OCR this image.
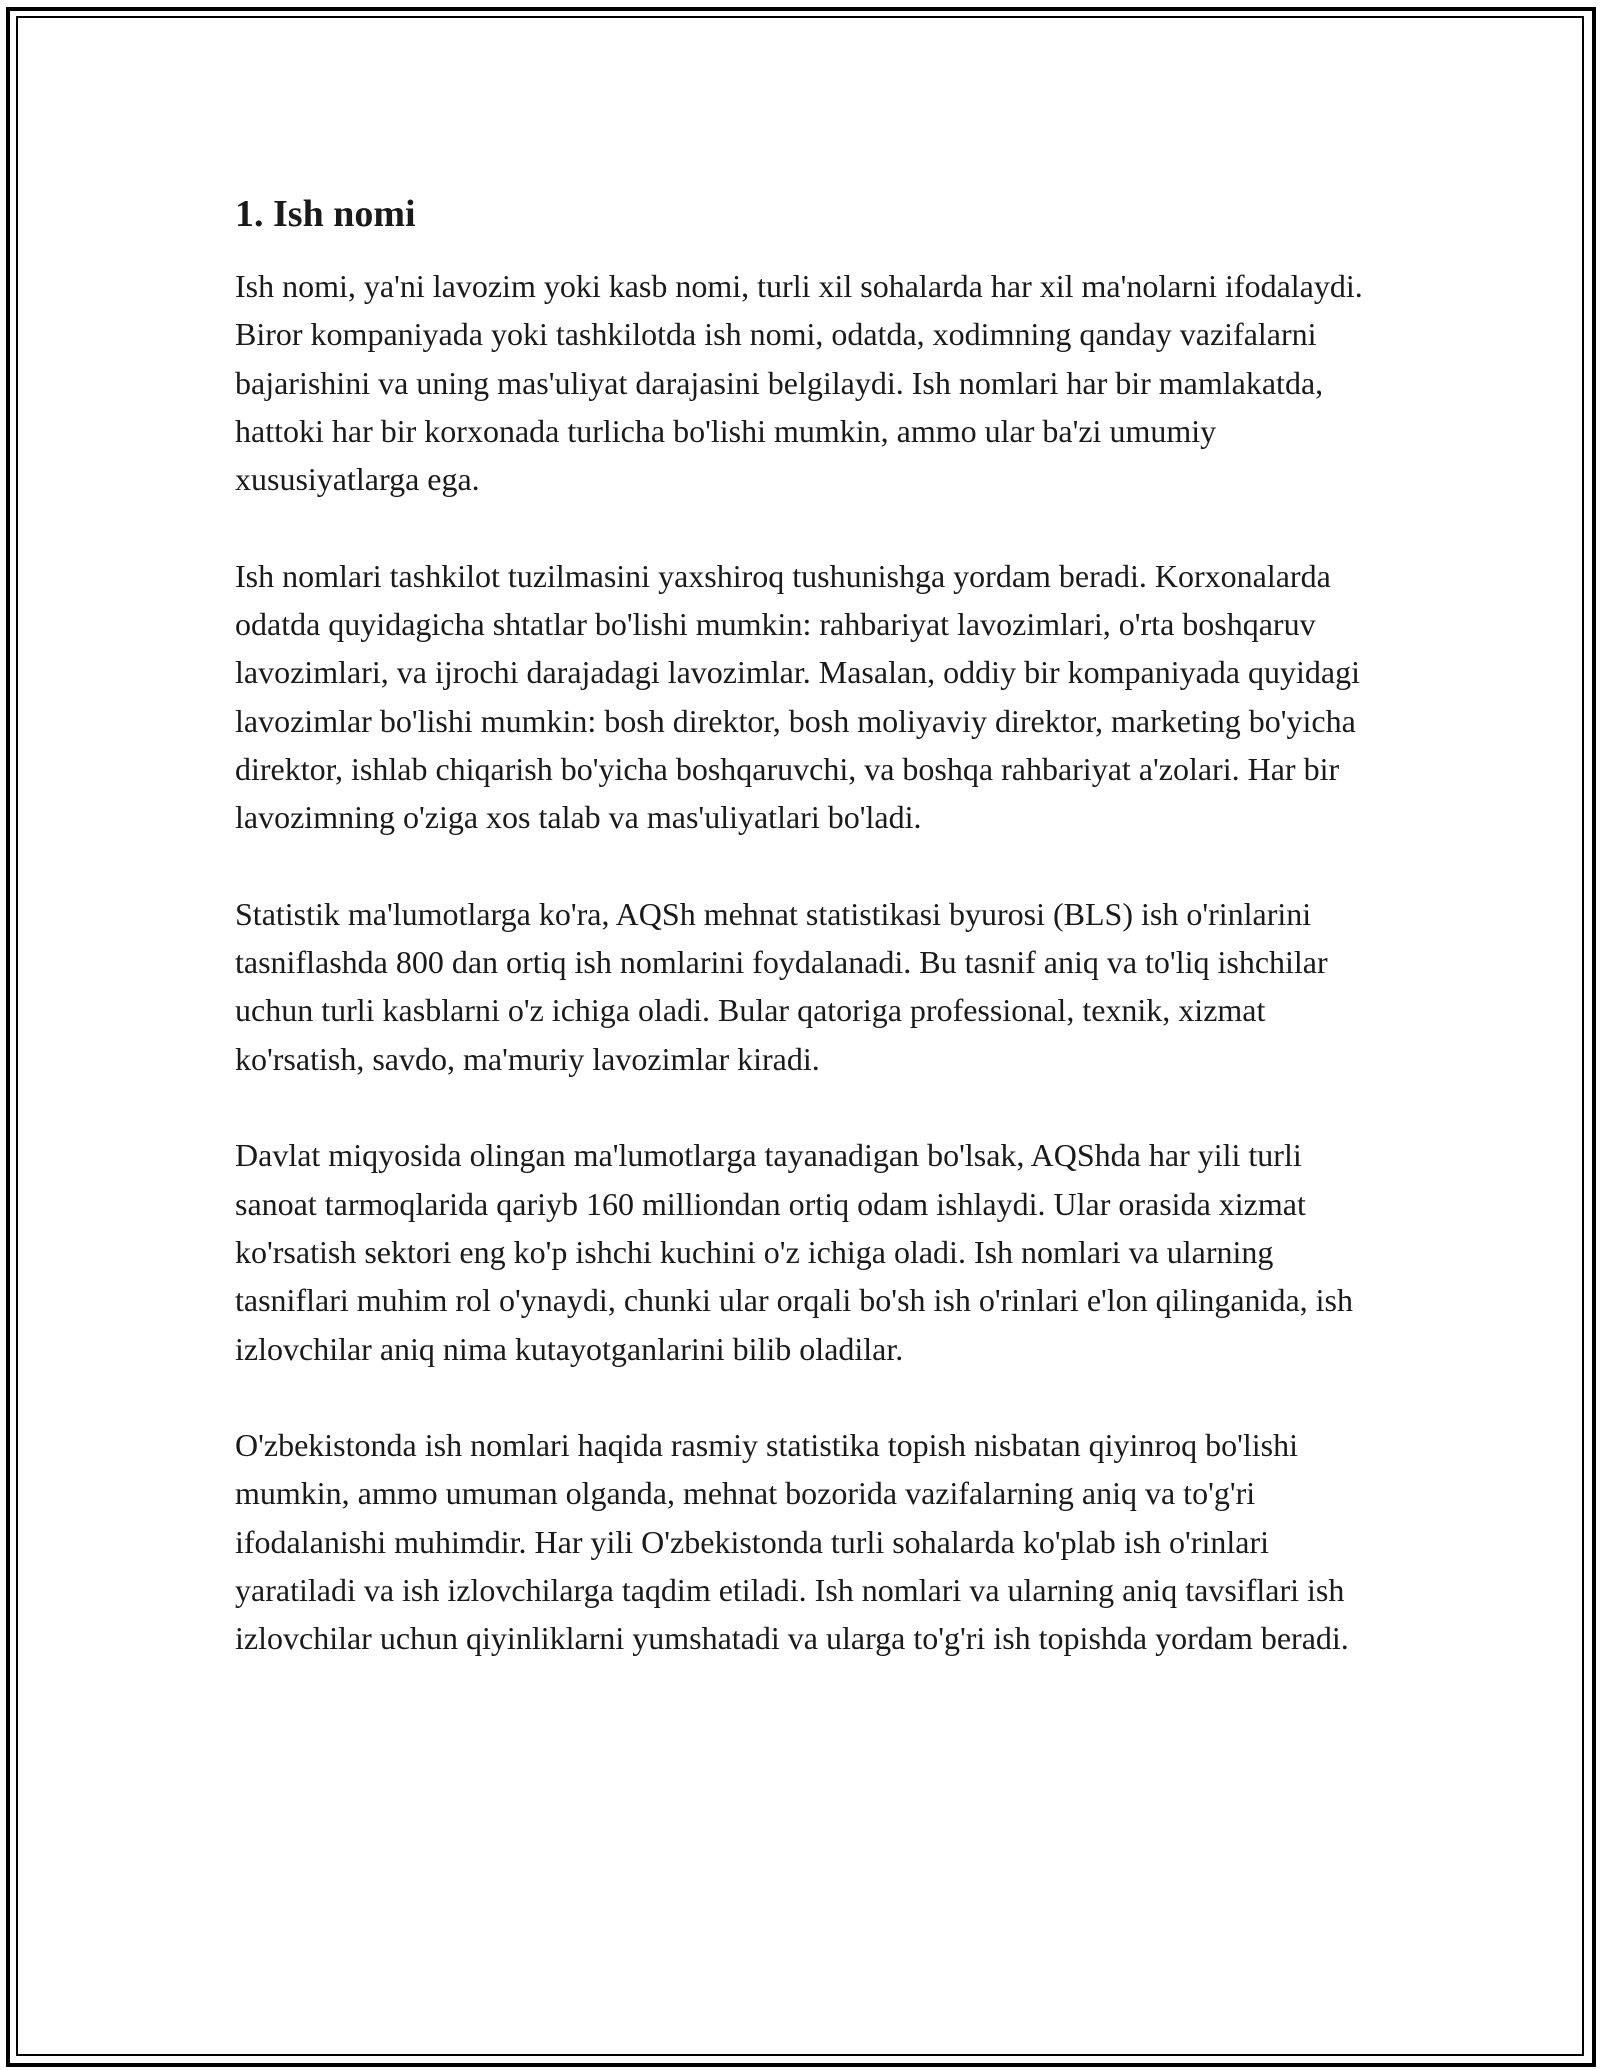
1. Ish nomi

Ish nomi, ya'ni lavozim yoki kasb nomi, turli xil sohalarda har xil ma'nolarni ifodalaydi. Biror kompaniyada yoki tashkilotda ish nomi, odatda, xodimning qanday vazifalarni bajarishini va uning mas'uliyat darajasini belgilaydi. Ish nomlari har bir mamlakatda, hattoki har bir korxonada turlicha bo'lishi mumkin, ammo ular ba'zi umumiy xususiyatlarga ega.

Ish nomlari tashkilot tuzilmasini yaxshiroq tushunishga yordam beradi. Korxonalarda odatda quyidagicha shtatlar bo'lishi mumkin: rahbariyat lavozimlari, o'rta boshqaruv lavozimlari, va ijrochi darajadagi lavozimlar. Masalan, oddiy bir kompaniyada quyidagi lavozimlar bo'lishi mumkin: bosh direktor, bosh moliyaviy direktor, marketing bo'yicha direktor, ishlab chiqarish bo'yicha boshqaruvchi, va boshqa rahbariyat a'zolari. Har bir lavozimning o'ziga xos talab va mas'uliyatlari bo'ladi.

Statistik ma'lumotlarga ko'ra, AQSh mehnat statistikasi byurosi (BLS) ish o'rinlarini tasniflashda 800 dan ortiq ish nomlarini foydalanadi. Bu tasnif aniq va to'liq ishchilar uchun turli kasblarni o'z ichiga oladi. Bular qatoriga professional, texnik, xizmat ko'rsatish, savdo, ma'muriy lavozimlar kiradi.

Davlat miqyosida olingan ma'lumotlarga tayanadigan bo'lsak, AQShda har yili turli sanoat tarmoqlarida qariyb 160 milliondan ortiq odam ishlaydi. Ular orasida xizmat ko'rsatish sektori eng ko'p ishchi kuchini o'z ichiga oladi. Ish nomlari va ularning tasniflari muhim rol o'ynaydi, chunki ular orqali bo'sh ish o'rinlari e'lon qilinganida, ish izlovchilar aniq nima kutayotganlarini bilib oladilar.

O'zbekistonda ish nomlari haqida rasmiy statistika topish nisbatan qiyinroq bo'lishi mumkin, ammo umuman olganda, mehnat bozorida vazifalarning aniq va to'g'ri ifodalanishi muhimdir. Har yili O'zbekistonda turli sohalarda ko'plab ish o'rinlari yaratiladi va ish izlovchilarga taqdim etiladi. Ish nomlari va ularning aniq tavsiflari ish izlovchilar uchun qiyinliklarni yumshatadi va ularga to'g'ri ish topishda yordam beradi.
